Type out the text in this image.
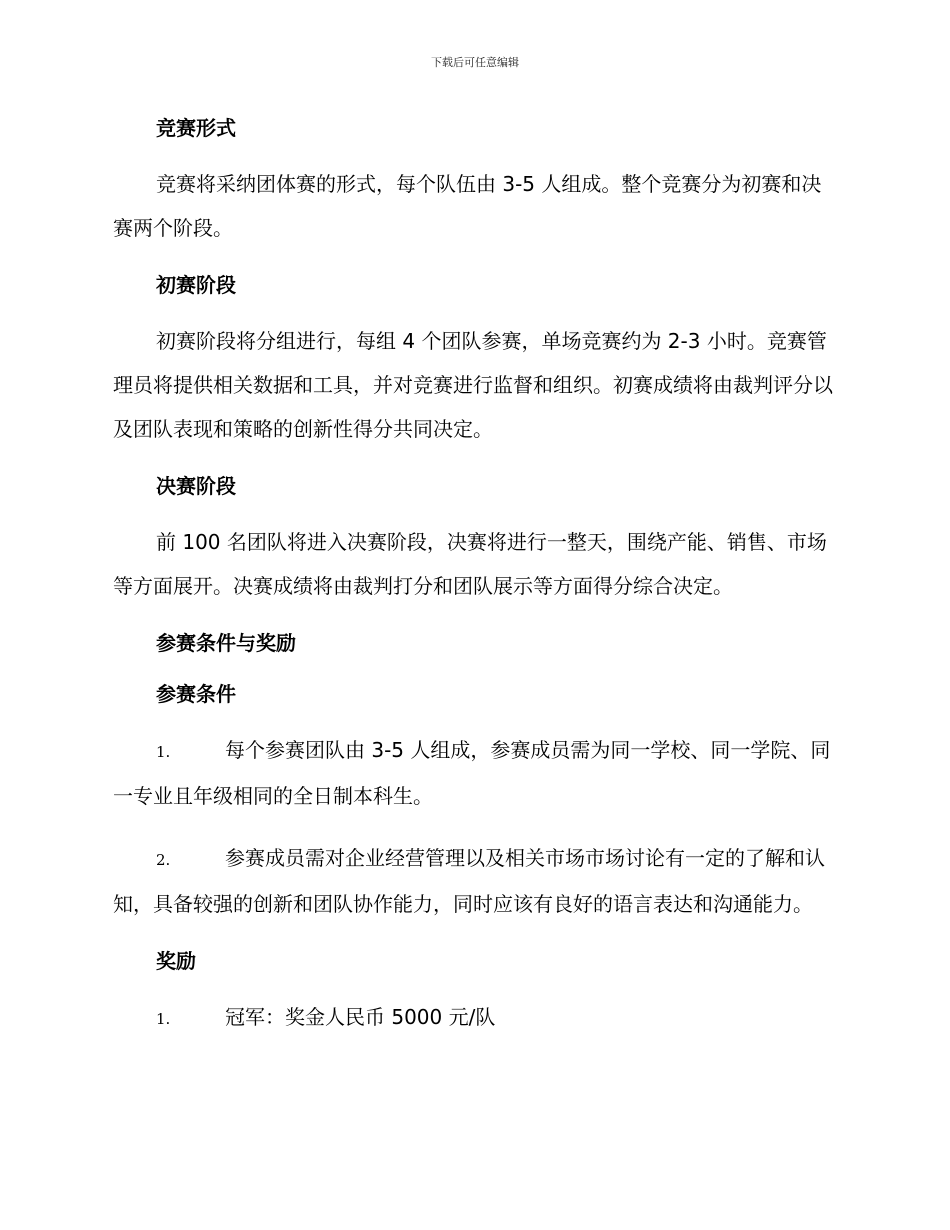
下载后可任意编辑
竞赛形式

竞赛将采纳团体赛的形式，每个队伍由 3-5 人组成。整个竞赛分为初赛和决赛两个阶段。

初赛阶段

初赛阶段将分组进行，每组 4 个团队参赛，单场竞赛约为 2-3 小时。竞赛管理员将提供相关数据和工具，并对竞赛进行监督和组织。初赛成绩将由裁判评分以及团队表现和策略的创新性得分共同决定。

决赛阶段

前 100 名团队将进入决赛阶段，决赛将进行一整天，围绕产能、销售、市场等方面展开。决赛成绩将由裁判打分和团队展示等方面得分综合决定。

参赛条件与奖励
参赛条件

1.	每个参赛团队由 3-5 人组成，参赛成员需为同一学校、同一学院、同一专业且年级相同的全日制本科生。

2.	参赛成员需对企业经营管理以及相关市场市场讨论有一定的了解和认知，具备较强的创新和团队协作能力，同时应该有良好的语言表达和沟通能力。

奖励

1.	冠军：奖金人民币 5000 元/队
